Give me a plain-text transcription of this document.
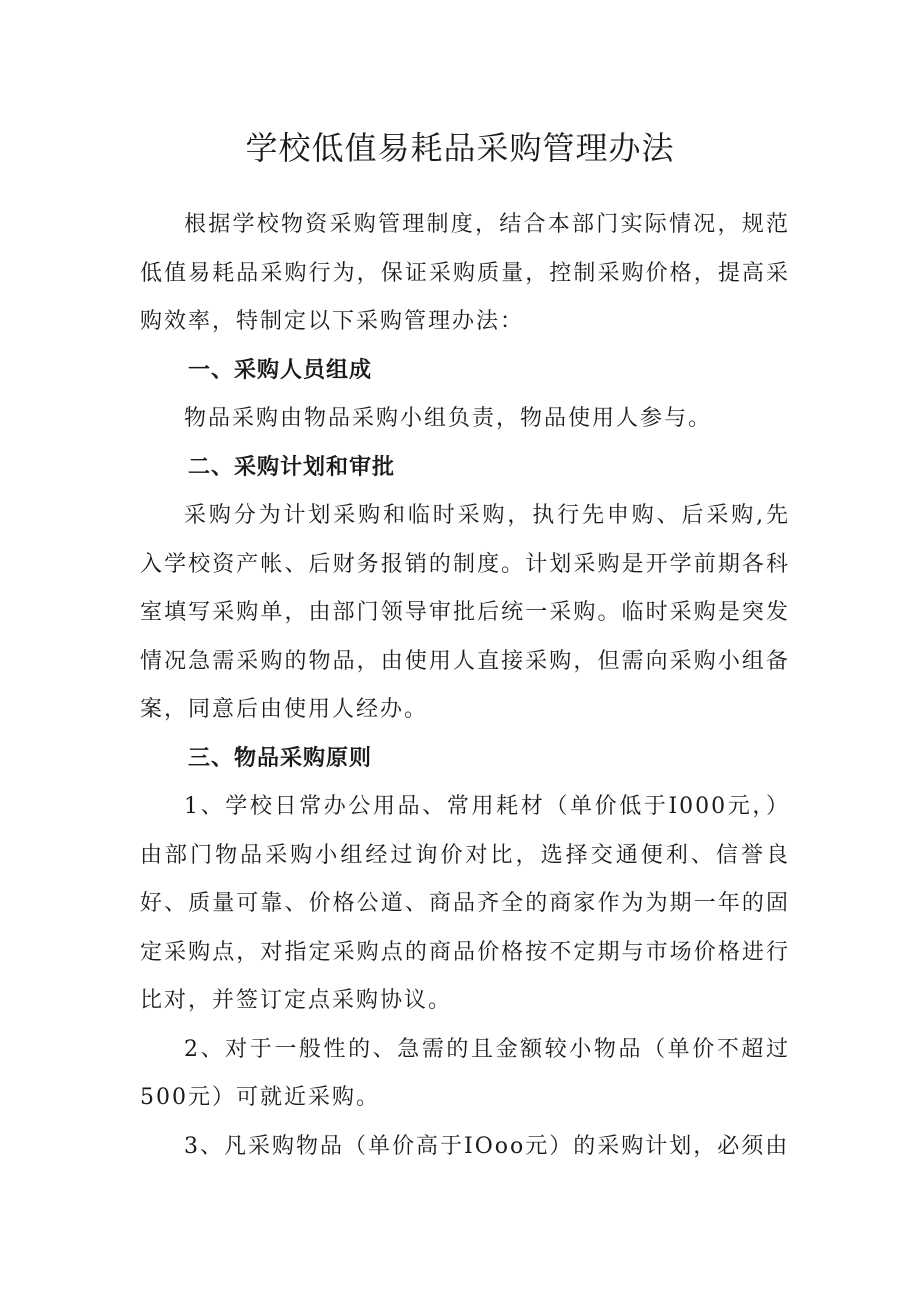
学校低值易耗品采购管理办法

根据学校物资采购管理制度，结合本部门实际情况，规范低值易耗品采购行为，保证采购质量，控制采购价格，提高采购效率，特制定以下采购管理办法：

一、采购人员组成

物品采购由物品采购小组负责，物品使用人参与。

二、采购计划和审批

采购分为计划采购和临时采购，执行先申购、后采购,先入学校资产帐、后财务报销的制度。计划采购是开学前期各科室填写采购单，由部门领导审批后统一采购。临时采购是突发情况急需采购的物品，由使用人直接采购，但需向采购小组备案，同意后由使用人经办。

三、物品采购原则

1、学校日常办公用品、常用耗材（单价低于I000元，）由部门物品采购小组经过询价对比，选择交通便利、信誉良好、质量可靠、价格公道、商品齐全的商家作为为期一年的固定采购点，对指定采购点的商品价格按不定期与市场价格进行比对，并签订定点采购协议。

2、对于一般性的、急需的且金额较小物品（单价不超过500元）可就近采购。

3、凡采购物品（单价高于IOoo元）的采购计划，必须由
